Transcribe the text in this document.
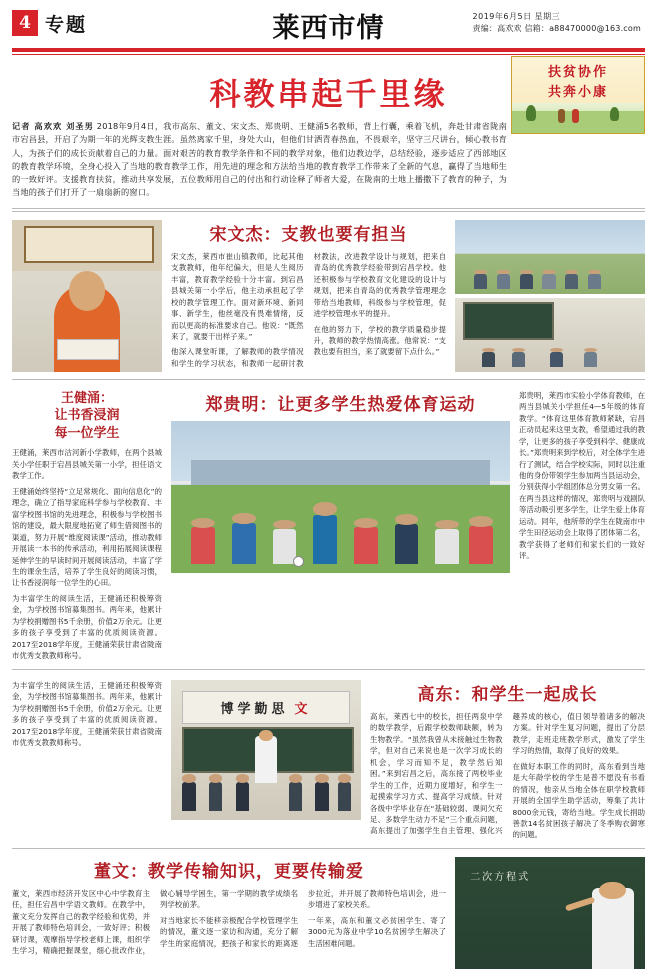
4 专题	莱西市情	2019年6月5日 星期三
责编：高欢欢 信箱：a88470000@163.com
科教串起千里缘
扶贫协作
共奔小康
记者 高欢欢 刘圣男 2018年9月4日，我市高东、董文、宋文杰、郑贵明、王健涌5名教师，背上行囊，乘着飞机，奔赴甘肃省陇南市宕昌县，开启了为期一年的光辉支教生涯。虽然离家千里，身处大山，但他们甘洒青春热血，不畏艰辛，坚守三尺讲台，倾心教书育人，为孩子们的成长贡献着自己的力量。面对艰苦的教育教学条件和不同的教学对象，他们边教边学，总结经验，逐步适应了西部地区的教育教学环境，全身心投入了当地的教育教学工作，用先进的理念和方法给当地的教育教学工作带来了全新的气息，赢得了当地师生的一致好评。支援教育扶贫，推动共享发展，五位教师用自己的付出和行动诠释了师者大爱，在陇南的土地上播撒下了教育的种子，为当地的孩子们打开了一扇扇新的窗口。
宋文杰：支教也要有担当
宋文杰，莱西市崔山镇教师，比起其他支教教师，他年纪偏大，但是人生阅历丰富，教育教学经验十分丰富。到宕昌县城关第一小学后，他主动承担起了学校的教学管理工作。面对新环境、新同事、新学生，他丝毫没有畏难情绪，反而以更高的标准要求自己。他说：“既然来了，就要干出样子来。”
他深入课堂听课，了解教师的教学情况和学生的学习状态，和教师一起研讨教材教法，改进教学设计与规划，把来自青岛的优秀教学经验带到宕昌学校。他还积极参与学校教育文化建设的设计与规划，把来自青岛的优秀教学管理理念带给当地教师，科级参与学校管理，促进学校管理水平的提升。
在他的努力下，学校的教学质量稳步提升，教师的教学热情高涨。他常说：“支教也要有担当，来了就要留下点什么。”
王健涌：
让书香浸润
每一位学生
王健涌，莱西市沽河新小学教师，在两个县城关小学任职于宕昌县城关第一小学，担任语文教学工作。
王健涌始终坚持“立足常规化、面向信息化”的理念，确立了指导家庭科学参与学校教育、丰富学校图书馆的先进理念，积极参与学校图书馆的建设，最大限度地拓宽了师生借阅图书的渠道，努力开展“维度阅读课”活动，推动教师开展读一本书的传承活动，利用拓展阅读课程延伸学生的早读时间开展阅读活动，丰富了学生的课余生活，培养了学生良好的阅读习惯，让书香浸润每一位学生的心田。
为丰富学生的阅读生活，王健涌还积极筹资金，为学校图书馆募集图书。两年来，他累计为学校捐赠图书5千余册，价值2万余元。让更多的孩子享受到了丰富的优质阅读资源。2017至2018学年度，王健涌荣获甘肃省陇南市优秀支教教师称号。
郑贵明：让更多学生热爱体育运动	郑贵明，莱西市实验小学体育教师，在两当县城关小学担任4—5年级的体育教学。“体育这里体育教师紧缺，宕昌正动员起来这里支教，希望通过我的教学，让更多的孩子享受到科学、健康成长。”郑贵明来到学校后，对全体学生进行了测试，结合学校实际，同时以注重他的身份带领学生参加两当县运动会，分别获得小学组团体总分男女第一名。在两当县这样的情况，郑贵明与戏剧队等活动吸引更多学生，让学生爱上体育运动。同年，他所带的学生在陇南市中学生田径运动会上取得了团体第二名，教学获得了老师们和家长们的一致好评。
为丰富学生的阅读生活，王健涌还积极筹资金，为学校图书馆募集图书。两年来，他累计为学校捐赠图书5千余册，价值2万余元。让更多的孩子享受到了丰富的优质阅读资源。2017至2018学年度，王健涌荣获甘肃省陇南市优秀支教教师称号。
博学勤思 文
高东：和学生一起成长
高东，莱西七中的校长，担任两泉中学的数学教学，后跟学校数师缺额，转为生物教学。“虽然我曾从未接触过生物教学，但对自己来说也是一次学习成长的机会，学习而知不足，教学然后知困。”来到宕昌之后，高东接了两校毕业学生的工作，近期力度增好，和学生一起摸索学习方式、提高学习成绩。针对各级中学毕业存在“基础较弱、课间欠充足、多数学生动力不足”三个重点问题，高东提出了加强学生自主管理、强化兴趣养成的核心，值日领导着诸多的解决方案。针对学生复习问题，提出了分层教学，走班走班教学形式，激发了学生学习的热情，取得了良好的效果。
在做好本职工作的同时，高东看到当地是大年龄学校的学生是普不愿没有书看的情况，他亲从当地全体在职学校教师开展的全国学生助学活动，筹集了共计8000余元钱，寄给当地。学生成长捐助善款14名贫困孩子解决了冬季购衣御寒的问题。
董文：教学传输知识，更要传输爱
董文，莱西市经济开发区中心中学教育主任，担任宕昌中学语文教师。在教学中，董文充分发挥自己的教学经验和优势，并开展了教师特色培训会，一致好评；积极研讨课，观摩指导学校老师上课，组织学生学习，精确把握课堂，细心批改作业，做心辅导学困生，第一学期的教学成绩名列学校前茅。
对当地家长不能移亲极配合学校管理学生的情况，董文逐一家访和沟通，充分了解学生的家庭情况，把孩子和家长的距离逐步拉近，并开展了教师特色培训会，进一步增进了家校关系。
一年来，高东和董文必贫困学生、寄了3000元为落业中学10名贫困学生解决了生活困难问题。
二次方程式
